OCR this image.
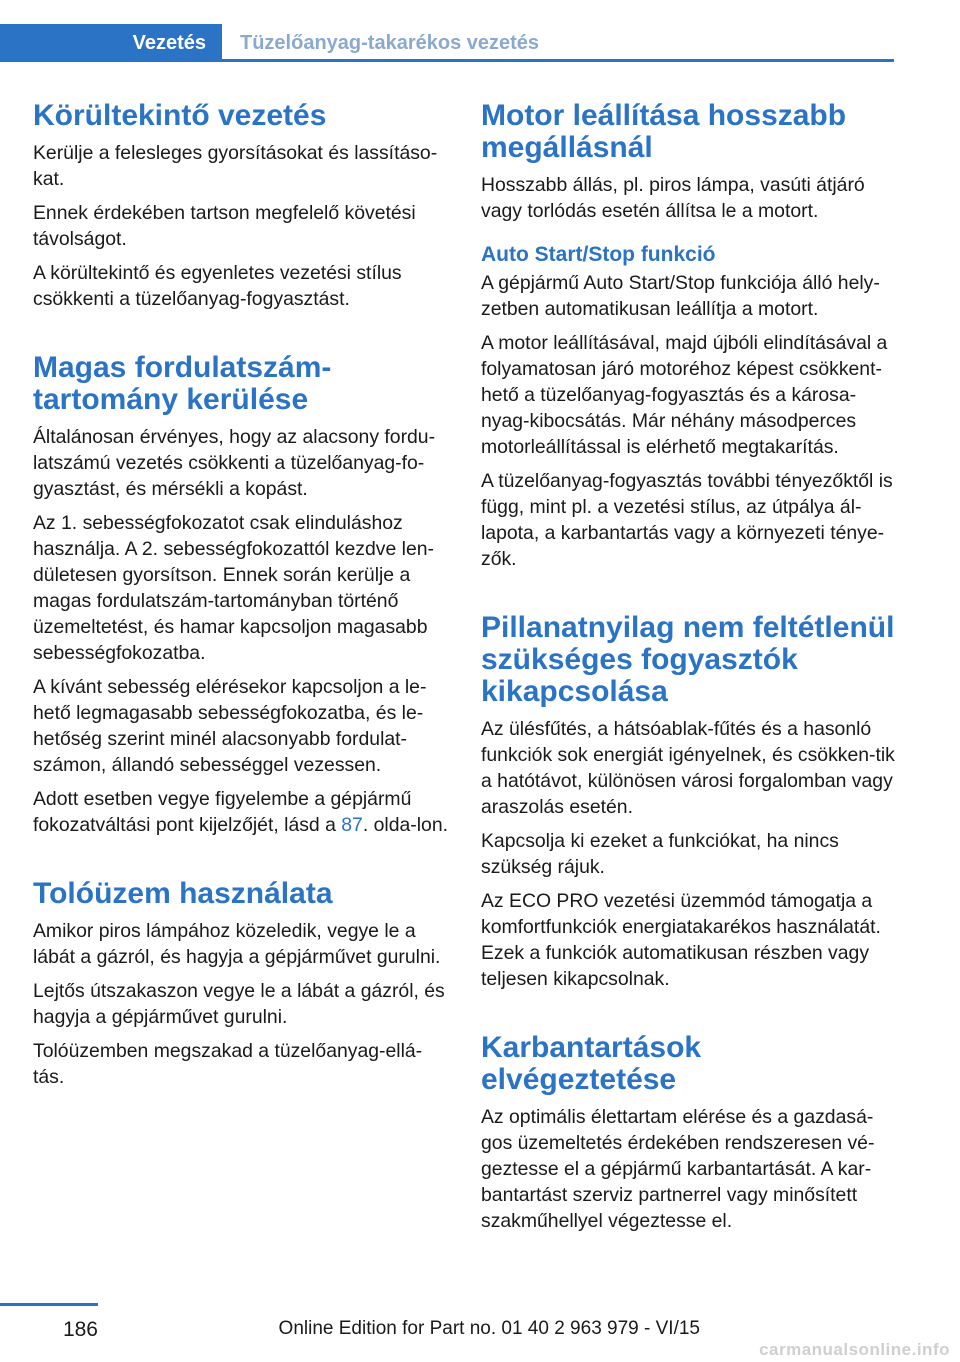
Vezetés	Tüzelőanyag-takarékos vezetés
Körültekintő vezetés

Kerülje a felesleges gyorsításokat és lassításo-kat.

Ennek érdekében tartson megfelelő követési távolságot.

A körültekintő és egyenletes vezetési stílus csökkenti a tüzelőanyag-fogyasztást.

Magas fordulatszám-tartomány kerülése

Általánosan érvényes, hogy az alacsony fordu-latszámú vezetés csökkenti a tüzelőanyag-fo-gyasztást, és mérsékli a kopást.

Az 1. sebességfokozatot csak elinduláshoz használja. A 2. sebességfokozattól kezdve len-dületesen gyorsítson. Ennek során kerülje a magas fordulatszám-tartományban történő üzemeltetést, és hamar kapcsoljon magasabb sebességfokozatba.

A kívánt sebesség elérésekor kapcsoljon a le-hető legmagasabb sebességfokozatba, és le-hetőség szerint minél alacsonyabb fordulat-számon, állandó sebességgel vezessen.

Adott esetben vegye figyelembe a gépjármű fokozatváltási pont kijelzőjét, lásd a 87. olda-lon.

Tolóüzem használata

Amikor piros lámpához közeledik, vegye le a lábát a gázról, és hagyja a gépjárművet gurulni.

Lejtős útszakaszon vegye le a lábát a gázról, és hagyja a gépjárművet gurulni.

Tolóüzemben megszakad a tüzelőanyag-ellá-tás.

Motor leállítása hosszabb megállásnál

Hosszabb állás, pl. piros lámpa, vasúti átjáró vagy torlódás esetén állítsa le a motort.

Auto Start/Stop funkció

A gépjármű Auto Start/Stop funkciója álló hely-zetben automatikusan leállítja a motort.

A motor leállításával, majd újbóli elindításával a folyamatosan járó motoréhoz képest csökkent-hető a tüzelőanyag-fogyasztás és a károsa-nyag-kibocsátás. Már néhány másodperces motorleállítással is elérhető megtakarítás.

A tüzelőanyag-fogyasztás további tényezőktől is függ, mint pl. a vezetési stílus, az útpálya ál-lapota, a karbantartás vagy a környezeti ténye-zők.

Pillanatnyilag nem feltétlenül szükséges fogyasztók kikapcsolása

Az ülésfűtés, a hátsóablak-fűtés és a hasonló funkciók sok energiát igényelnek, és csökken-tik a hatótávot, különösen városi forgalomban vagy araszolás esetén.

Kapcsolja ki ezeket a funkciókat, ha nincs szükség rájuk.

Az ECO PRO vezetési üzemmód támogatja a komfortfunkciók energiatakarékos használatát. Ezek a funkciók automatikusan részben vagy teljesen kikapcsolnak.

Karbantartások elvégeztetése

Az optimális élettartam elérése és a gazdasá-gos üzemeltetés érdekében rendszeresen vé-geztesse el a gépjármű karbantartását. A kar-bantartást szerviz partnerrel vagy minősített szakműhellyel végeztesse el.

186	Online Edition for Part no. 01 40 2 963 979 - VI/15
carmanualsonline.info
